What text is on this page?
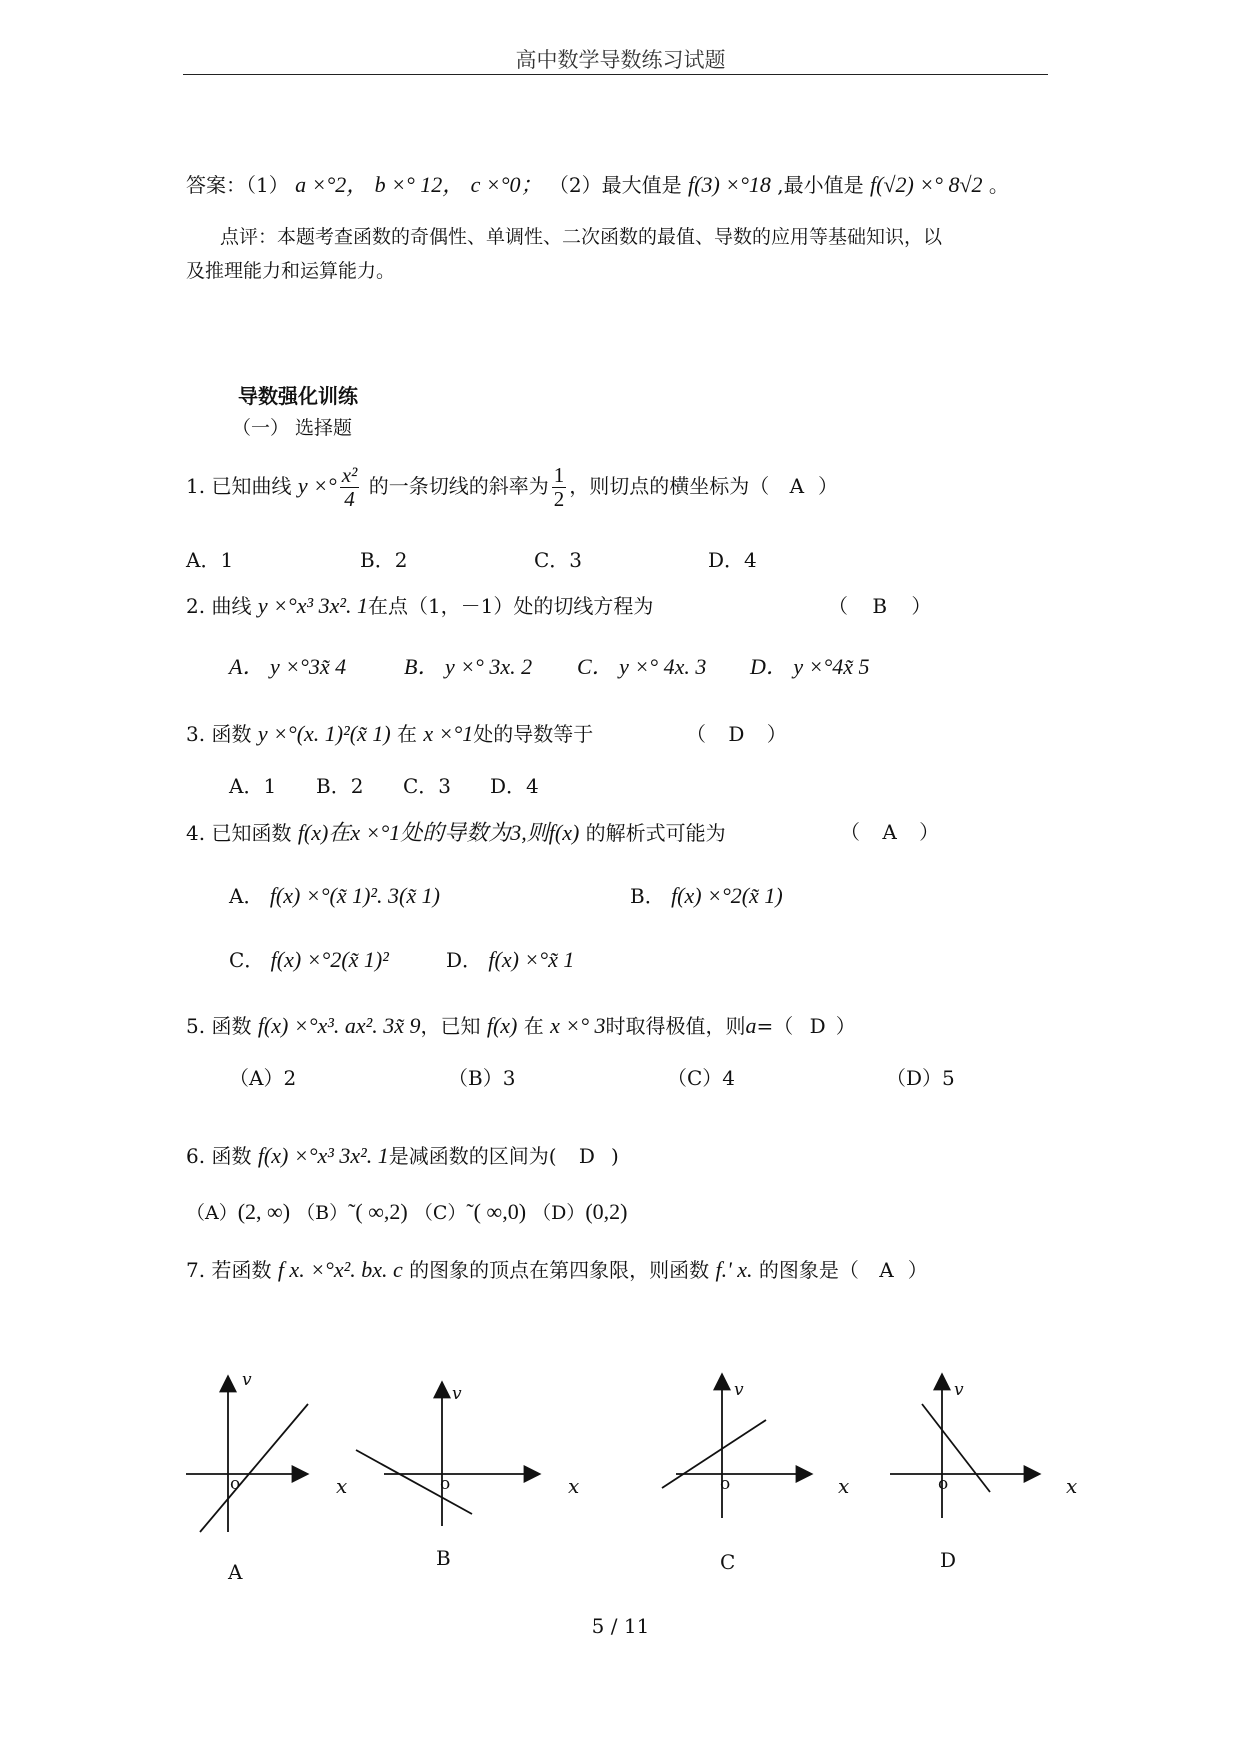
高中数学导数练习试题
答案：（1） a ×°2， b ×° 12， c ×°0； （2）最大值是 f(3) ×°18 ,最小值是 f(√2) ×° 8√2 。
点评：本题考查函数的奇偶性、单调性、二次函数的最值、导数的应用等基础知识，以
及推理能力和运算能力。
导数强化训练
（一） 选择题
1. 已知曲线 y ×° $\frac{\text{x²}}{4}$ 的一条切线的斜率为 $\frac{1}{2}$ ，则切点的横坐标为（ A ）
A．1	B．2	C．3	D．4
2. 曲线 y ×°x³ 3x². 1在点（1，－1）处的切线方程为	（ B ）
A． y ×°3x̃ 4	B． y ×° 3x. 2 C． y ×° 4x. 3 D． y ×°4x̃ 5
3. 函数 y ×°(x. 1)²(x̃ 1) 在 x ×°1处的导数等于	（ D ）
A．1 B．2 C．3 D．4
4. 已知函数 f(x)在x ×°1处的导数为3,则f(x) 的解析式可能为	（ A ）
A． f(x) ×°(x̃ 1)². 3(x̃ 1)	B． f(x) ×°2(x̃ 1)
C． f(x) ×°2(x̃ 1)²	D． f(x) ×°x̃ 1
5. 函数 f(x) ×°x³. ax². 3x̃ 9，已知 f(x) 在 x ×° 3时取得极值，则a=（ D ）
（A）2	（B）3	（C）4	（D）5
6. 函数 f(x) ×°x³ 3x². 1是减函数的区间为( D )
（A）(2, ∞) （B）˜( ∞,2) （C）˜( ∞,0) （D）(0,2)
7. 若函数 f x. ×°x². bx. c 的图象的顶点在第四象限，则函数 f.' x. 的图象是（ A ）
v
o	x
A
v
o	x
B
v
o	x
C
v
o	x
D
5 / 11
